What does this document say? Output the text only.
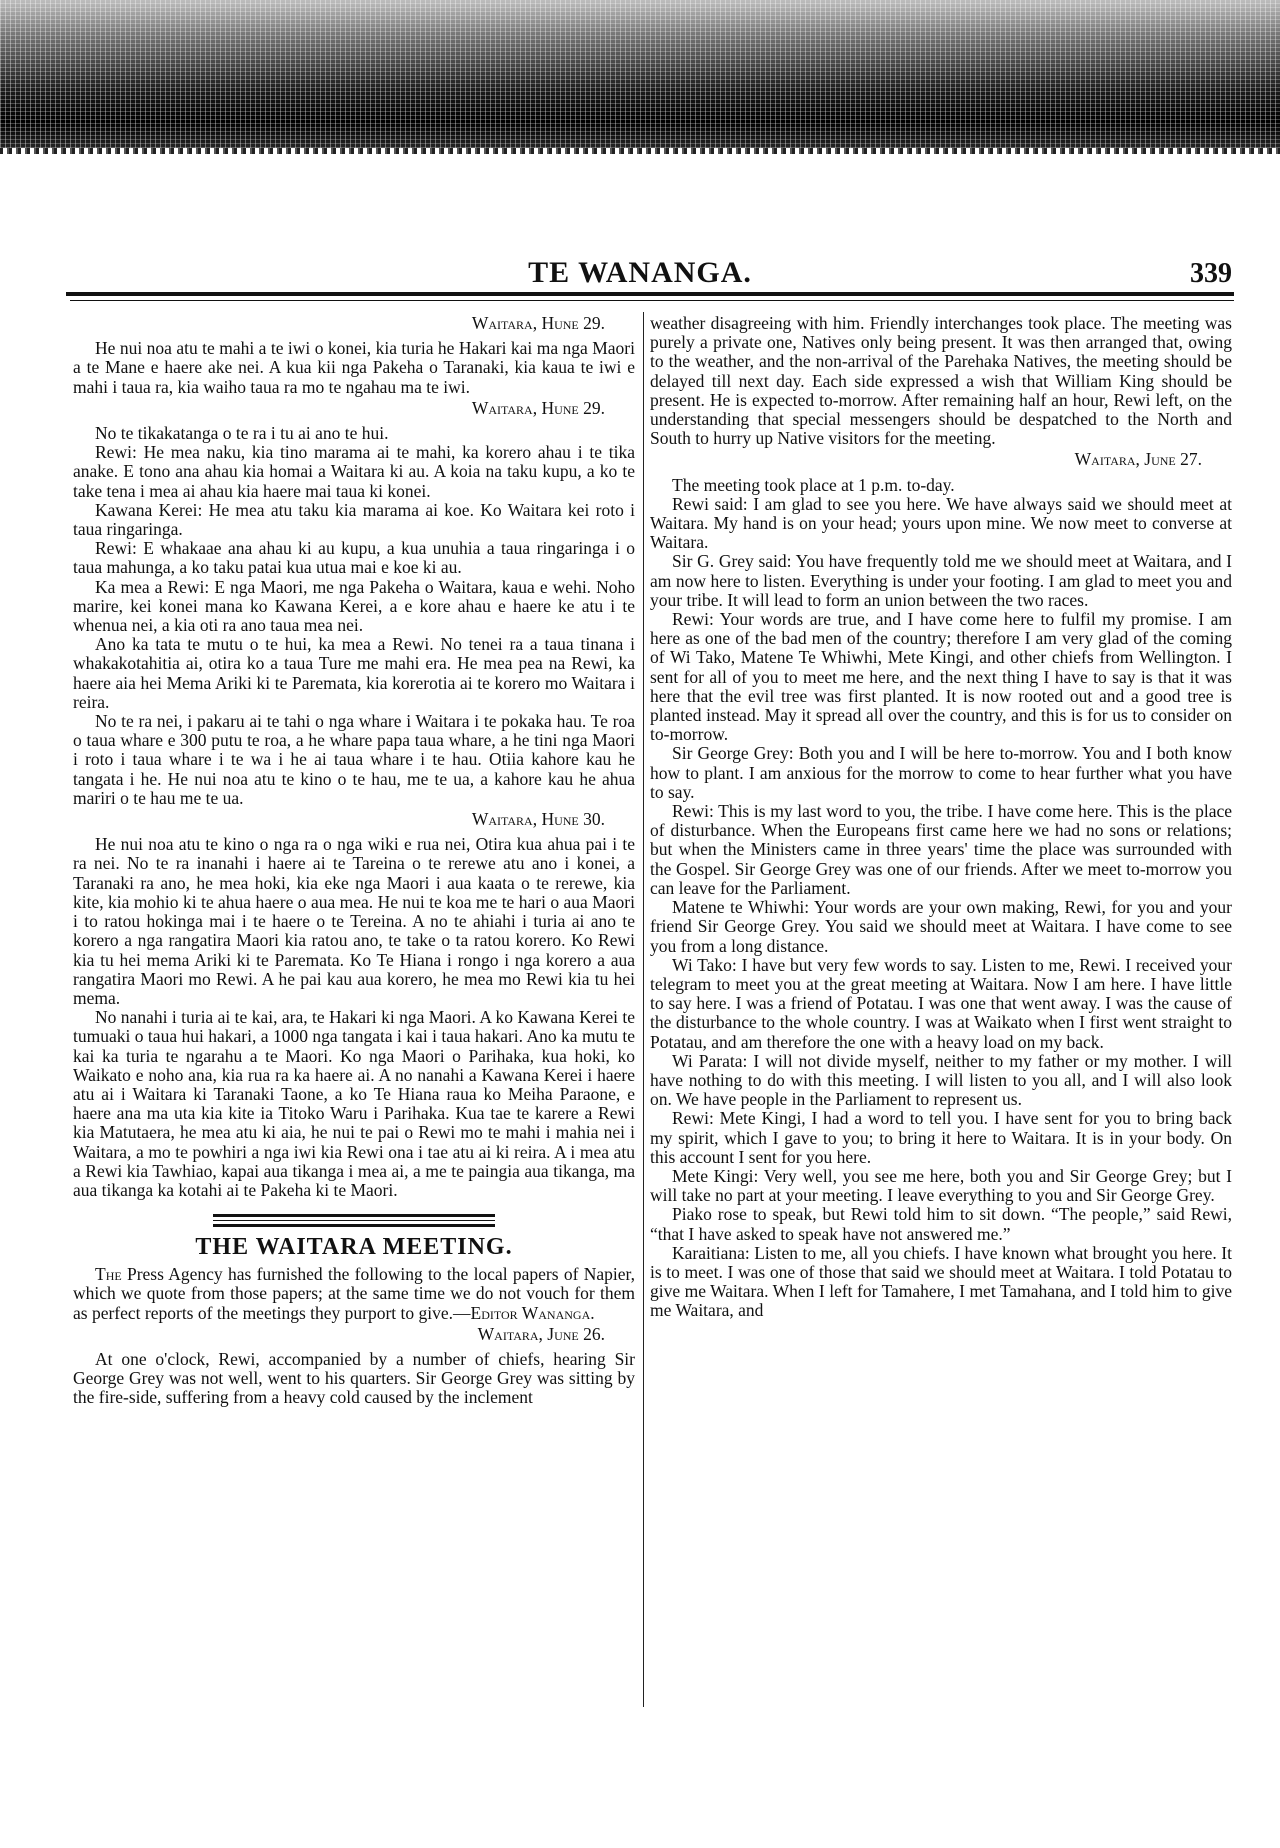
TE WANANGA.	339
Waitara, Hune 29.

He nui noa atu te mahi a te iwi o konei, kia turia he Hakari kai ma nga Maori a te Mane e haere ake nei. A kua kii nga Pakeha o Taranaki, kia kaua te iwi e mahi i taua ra, kia waiho taua ra mo te ngahau ma te iwi.

Waitara, Hune 29.

No te tikakatanga o te ra i tu ai ano te hui.

Rewi: He mea naku, kia tino marama ai te mahi, ka korero ahau i te tika anake. E tono ana ahau kia homai a Waitara ki au. A koia na taku kupu, a ko te take tena i mea ai ahau kia haere mai taua ki konei.

Kawana Kerei: He mea atu taku kia marama ai koe. Ko Waitara kei roto i taua ringaringa.

Rewi: E whakaae ana ahau ki au kupu, a kua unuhia a taua ringaringa i o taua mahunga, a ko taku patai kua utua mai e koe ki au.

Ka mea a Rewi: E nga Maori, me nga Pakeha o Waitara, kaua e wehi. Noho marire, kei konei mana ko Kawana Kerei, a e kore ahau e haere ke atu i te whenua nei, a kia oti ra ano taua mea nei.

Ano ka tata te mutu o te hui, ka mea a Rewi. No tenei ra a taua tinana i whakakotahitia ai, otira ko a taua Ture me mahi era. He mea pea na Rewi, ka haere aia hei Mema Ariki ki te Paremata, kia korerotia ai te korero mo Waitara i reira.

No te ra nei, i pakaru ai te tahi o nga whare i Waitara i te pokaka hau. Te roa o taua whare e 300 putu te roa, a he whare papa taua whare, a he tini nga Maori i roto i taua whare i te wa i he ai taua whare i te hau. Otiia kahore kau he tangata i he. He nui noa atu te kino o te hau, me te ua, a kahore kau he ahua mariri o te hau me te ua.

Waitara, Hune 30.

He nui noa atu te kino o nga ra o nga wiki e rua nei, Otira kua ahua pai i te ra nei. No te ra inanahi i haere ai te Tareina o te rerewe atu ano i konei, a Taranaki ra ano, he mea hoki, kia eke nga Maori i aua kaata o te rerewe, kia kite, kia mohio ki te ahua haere o aua mea. He nui te koa me te hari o aua Maori i to ratou hokinga mai i te haere o te Tereina. A no te ahiahi i turia ai ano te korero a nga rangatira Maori kia ratou ano, te take o ta ratou korero. Ko Rewi kia tu hei mema Ariki ki te Paremata. Ko Te Hiana i rongo i nga korero a aua rangatira Maori mo Rewi. A he pai kau aua korero, he mea mo Rewi kia tu hei mema.

No nanahi i turia ai te kai, ara, te Hakari ki nga Maori. A ko Kawana Kerei te tumuaki o taua hui hakari, a 1000 nga tangata i kai i taua hakari. Ano ka mutu te kai ka turia te ngarahu a te Maori. Ko nga Maori o Parihaka, kua hoki, ko Waikato e noho ana, kia rua ra ka haere ai. A no nanahi a Kawana Kerei i haere atu ai i Waitara ki Taranaki Taone, a ko Te Hiana raua ko Meiha Paraone, e haere ana ma uta kia kite ia Titoko Waru i Parihaka. Kua tae te karere a Rewi kia Matutaera, he mea atu ki aia, he nui te pai o Rewi mo te mahi i mahia nei i Waitara, a mo te powhiri a nga iwi kia Rewi ona i tae atu ai ki reira. A i mea atu a Rewi kia Tawhiao, kapai aua tikanga i mea ai, a me te paingia aua tikanga, ma aua tikanga ka kotahi ai te Pakeha ki te Maori.

THE WAITARA MEETING.

The Press Agency has furnished the following to the local papers of Napier, which we quote from those papers; at the same time we do not vouch for them as perfect reports of the meetings they purport to give.—Editor Wananga.

Waitara, June 26.

At one o'clock, Rewi, accompanied by a number of chiefs, hearing Sir George Grey was not well, went to his quarters. Sir George Grey was sitting by the fire-side, suffering from a heavy cold caused by the inclement

weather disagreeing with him. Friendly interchanges took place. The meeting was purely a private one, Natives only being present. It was then arranged that, owing to the weather, and the non-arrival of the Parehaka Natives, the meeting should be delayed till next day. Each side expressed a wish that William King should be present. He is expected to-morrow. After remaining half an hour, Rewi left, on the understanding that special messengers should be despatched to the North and South to hurry up Native visitors for the meeting.

Waitara, June 27.

The meeting took place at 1 p.m. to-day.

Rewi said: I am glad to see you here. We have always said we should meet at Waitara. My hand is on your head; yours upon mine. We now meet to converse at Waitara.

Sir G. Grey said: You have frequently told me we should meet at Waitara, and I am now here to listen. Everything is under your footing. I am glad to meet you and your tribe. It will lead to form an union between the two races.

Rewi: Your words are true, and I have come here to fulfil my promise. I am here as one of the bad men of the country; therefore I am very glad of the coming of Wi Tako, Matene Te Whiwhi, Mete Kingi, and other chiefs from Wellington. I sent for all of you to meet me here, and the next thing I have to say is that it was here that the evil tree was first planted. It is now rooted out and a good tree is planted instead. May it spread all over the country, and this is for us to consider on to-morrow.

Sir George Grey: Both you and I will be here to-morrow. You and I both know how to plant. I am anxious for the morrow to come to hear further what you have to say.

Rewi: This is my last word to you, the tribe. I have come here. This is the place of disturbance. When the Europeans first came here we had no sons or relations; but when the Ministers came in three years' time the place was surrounded with the Gospel. Sir George Grey was one of our friends. After we meet to-morrow you can leave for the Parliament.

Matene te Whiwhi: Your words are your own making, Rewi, for you and your friend Sir George Grey. You said we should meet at Waitara. I have come to see you from a long distance.

Wi Tako: I have but very few words to say. Listen to me, Rewi. I received your telegram to meet you at the great meeting at Waitara. Now I am here. I have little to say here. I was a friend of Potatau. I was one that went away. I was the cause of the disturbance to the whole country. I was at Waikato when I first went straight to Potatau, and am therefore the one with a heavy load on my back.

Wi Parata: I will not divide myself, neither to my father or my mother. I will have nothing to do with this meeting. I will listen to you all, and I will also look on. We have people in the Parliament to represent us.

Rewi: Mete Kingi, I had a word to tell you. I have sent for you to bring back my spirit, which I gave to you; to bring it here to Waitara. It is in your body. On this account I sent for you here.

Mete Kingi: Very well, you see me here, both you and Sir George Grey; but I will take no part at your meeting. I leave everything to you and Sir George Grey.

Piako rose to speak, but Rewi told him to sit down. “The people,” said Rewi, “that I have asked to speak have not answered me.”

Karaitiana: Listen to me, all you chiefs. I have known what brought you here. It is to meet. I was one of those that said we should meet at Waitara. I told Potatau to give me Waitara. When I left for Tamahere, I met Tamahana, and I told him to give me Waitara, and
